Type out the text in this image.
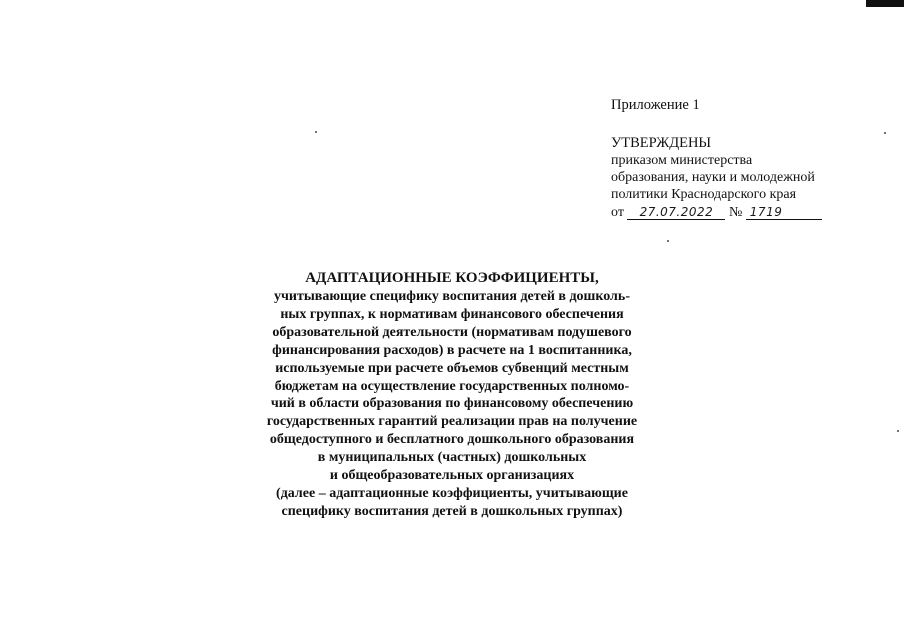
Приложение 1
УТВЕРЖДЕНЫ
приказом министерства
образования, науки и молодежной
политики Краснодарского края
от 27.07.2022 № 1719
АДАПТАЦИОННЫЕ КОЭФФИЦИЕНТЫ,
учитывающие специфику воспитания детей в дошколь-
ных группах, к нормативам финансового обеспечения
образовательной деятельности (нормативам подушевого
финансирования расходов) в расчете на 1 воспитанника,
используемые при расчете объемов субвенций местным
бюджетам на осуществление государственных полномо-
чий в области образования по финансовому обеспечению
государственных гарантий реализации прав на получение
общедоступного и бесплатного дошкольного образования
в муниципальных (частных) дошкольных
и общеобразовательных организациях
(далее – адаптационные коэффициенты, учитывающие
специфику воспитания детей в дошкольных группах)
